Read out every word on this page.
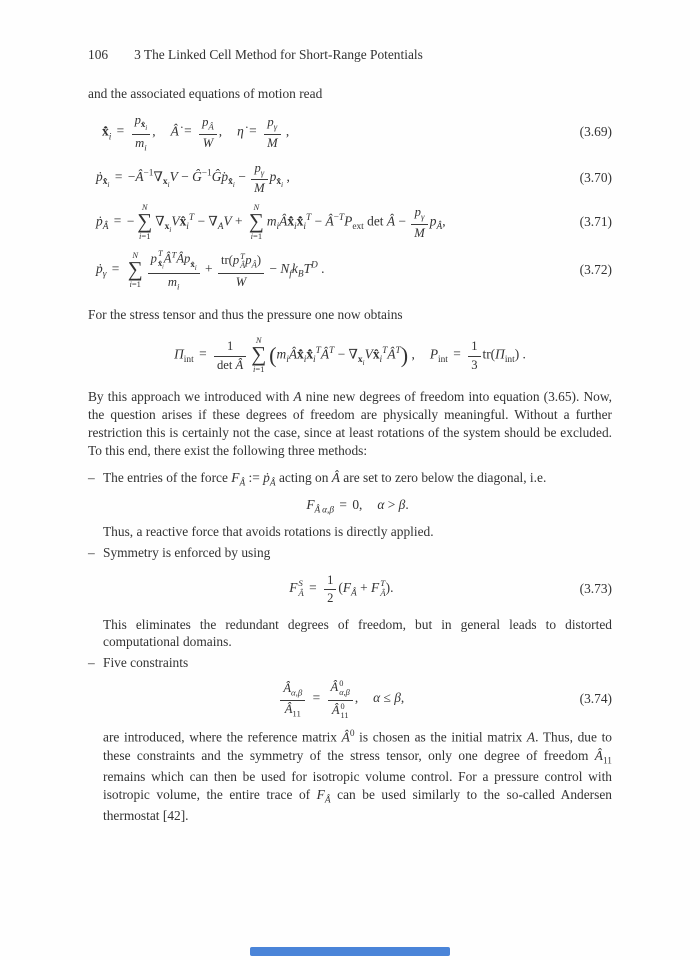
106 3 The Linked Cell Method for Short-Range Potentials

and the associated equations of motion read

$x̂̇_i = \frac{p_{x̂_i}}{m_i}$ , Â̇ = $\frac{p_{Â}}{W}$ , η̇ = $\frac{p_\gamma}{M}$ ,	(3.69)
$ṗ_{x̂_i}$ = $-Â^{-1}\nabla_{x_i}V$ − $Ĝ^{-1}Ĝ̇p_{x̂_i} - \frac{p_\gamma}{M} p_{x̂_i}$ ,	(3.70)
$ṗ_{Â}$ = −
N
∑
i=1
$\nabla_{x_i}Vx̂_i^T - \nabla_AV$ +
N
∑
i=1
$m_iÂx̂̇_ix̂̇_i^T$ − $Â^{-T}P_{ext}$ det Â − $\frac{p_\gamma}{M} p_{Â}$,	(3.71)
$ṗ_\gamma$ =
N
∑
i=1
p T
$x̂_i$
$Â^TÂp_{x̂_i}$
$m_i$
+
tr(p T
Â $p_{Â}$)
W
− $N_fk_BT^D$ .	(3.72)

For the stress tensor and thus the pressure one now obtains

$\Pi_{int}$ =
1
det Â
N
∑
i=1
($m_iÂx̂̇_ix̂̇_i^TÂ^T$ − $\nabla_{x_i}Vx̂_i^TÂ^T$) , $P_{int} = \frac{1}{3} tr(\Pi_{int})$ .

By this approach we introduced with A nine new degrees of freedom into equation (3.65). Now, the question arises if these degrees of freedom are physically meaningful. Without a further restriction this is certainly not the case, since at least rotations of the system should be excluded. To this end, there exist the following three methods:

– The entries of the force $F_{Â}$ := $ṗ_{Â}$ acting on Â are set to zero below the diagonal, i.e.

$F_{Â \alpha,\beta} = 0$, α > β.

Thus, a reactive force that avoids rotations is directly applied.

– Symmetry is enforced by using

F S
Â = $\frac{1}{2} (F_{Â} + F$ T
Â ).	(3.73)

This eliminates the redundant degrees of freedom, but in general leads to distorted computational domains.

– Five constraints

$\frac{Â_{\alpha,\beta}}{Â_{11}}$ = Â 0
α,β
Â 0
11 , α ≤ β,	(3.74)

are introduced, where the reference matrix Â$^0$ is chosen as the initial matrix A. Thus, due to these constraints and the symmetry of the stress tensor, only one degree of freedom $Â_{11}$ remains which can then be used for isotropic volume control. For a pressure control with isotropic volume, the entire trace of $F_{Â}$ can be used similarly to the so-called Andersen thermostat [42].
